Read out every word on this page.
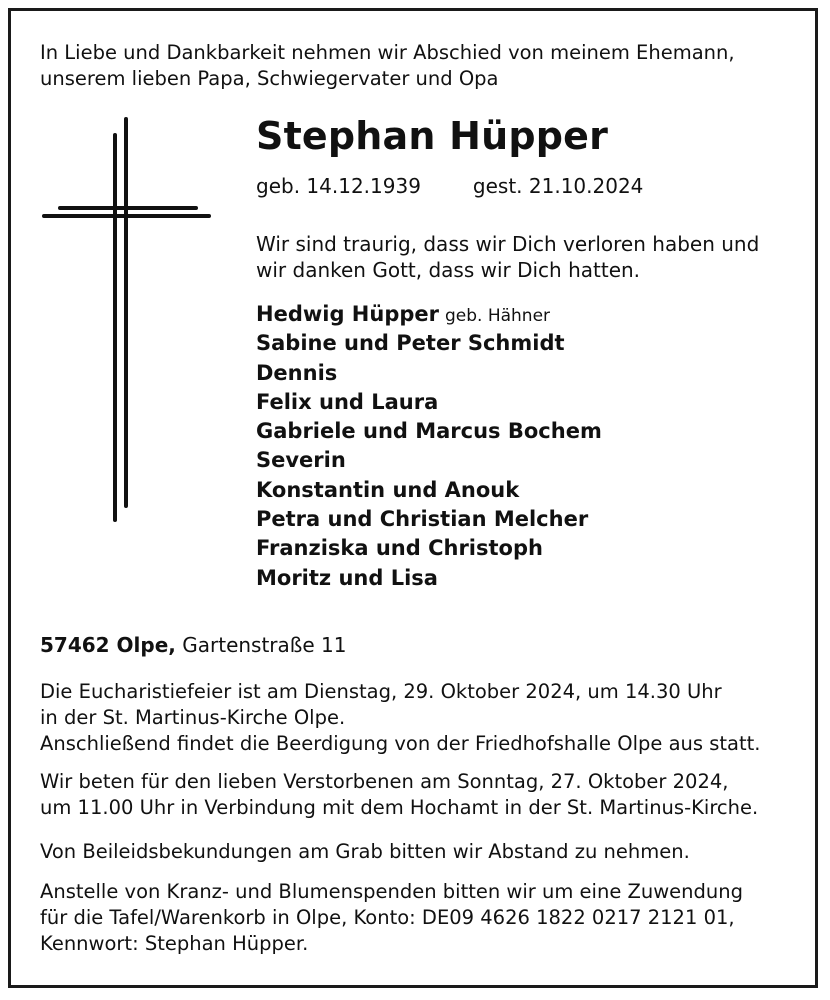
In Liebe und Dankbarkeit nehmen wir Abschied von meinem Ehemann,
unserem lieben Papa, Schwiegervater und Opa
Stephan Hüpper
geb. 14.12.1939	gest. 21.10.2024
Wir sind traurig, dass wir Dich verloren haben und
wir danken Gott, dass wir Dich hatten.
Hedwig Hüpper geb. Hähner
Sabine und Peter Schmidt
Dennis
Felix und Laura
Gabriele und Marcus Bochem
Severin
Konstantin und Anouk
Petra und Christian Melcher
Franziska und Christoph
Moritz und Lisa
57462 Olpe, Gartenstraße 11
Die Eucharistiefeier ist am Dienstag, 29. Oktober 2024, um 14.30 Uhr
in der St. Martinus-Kirche Olpe.
Anschließend findet die Beerdigung von der Friedhofshalle Olpe aus statt.
Wir beten für den lieben Verstorbenen am Sonntag, 27. Oktober 2024,
um 11.00 Uhr in Verbindung mit dem Hochamt in der St. Martinus-Kirche.
Von Beileidsbekundungen am Grab bitten wir Abstand zu nehmen.
Anstelle von Kranz- und Blumenspenden bitten wir um eine Zuwendung
für die Tafel/Warenkorb in Olpe, Konto: DE09 4626 1822 0217 2121 01,
Kennwort: Stephan Hüpper.
